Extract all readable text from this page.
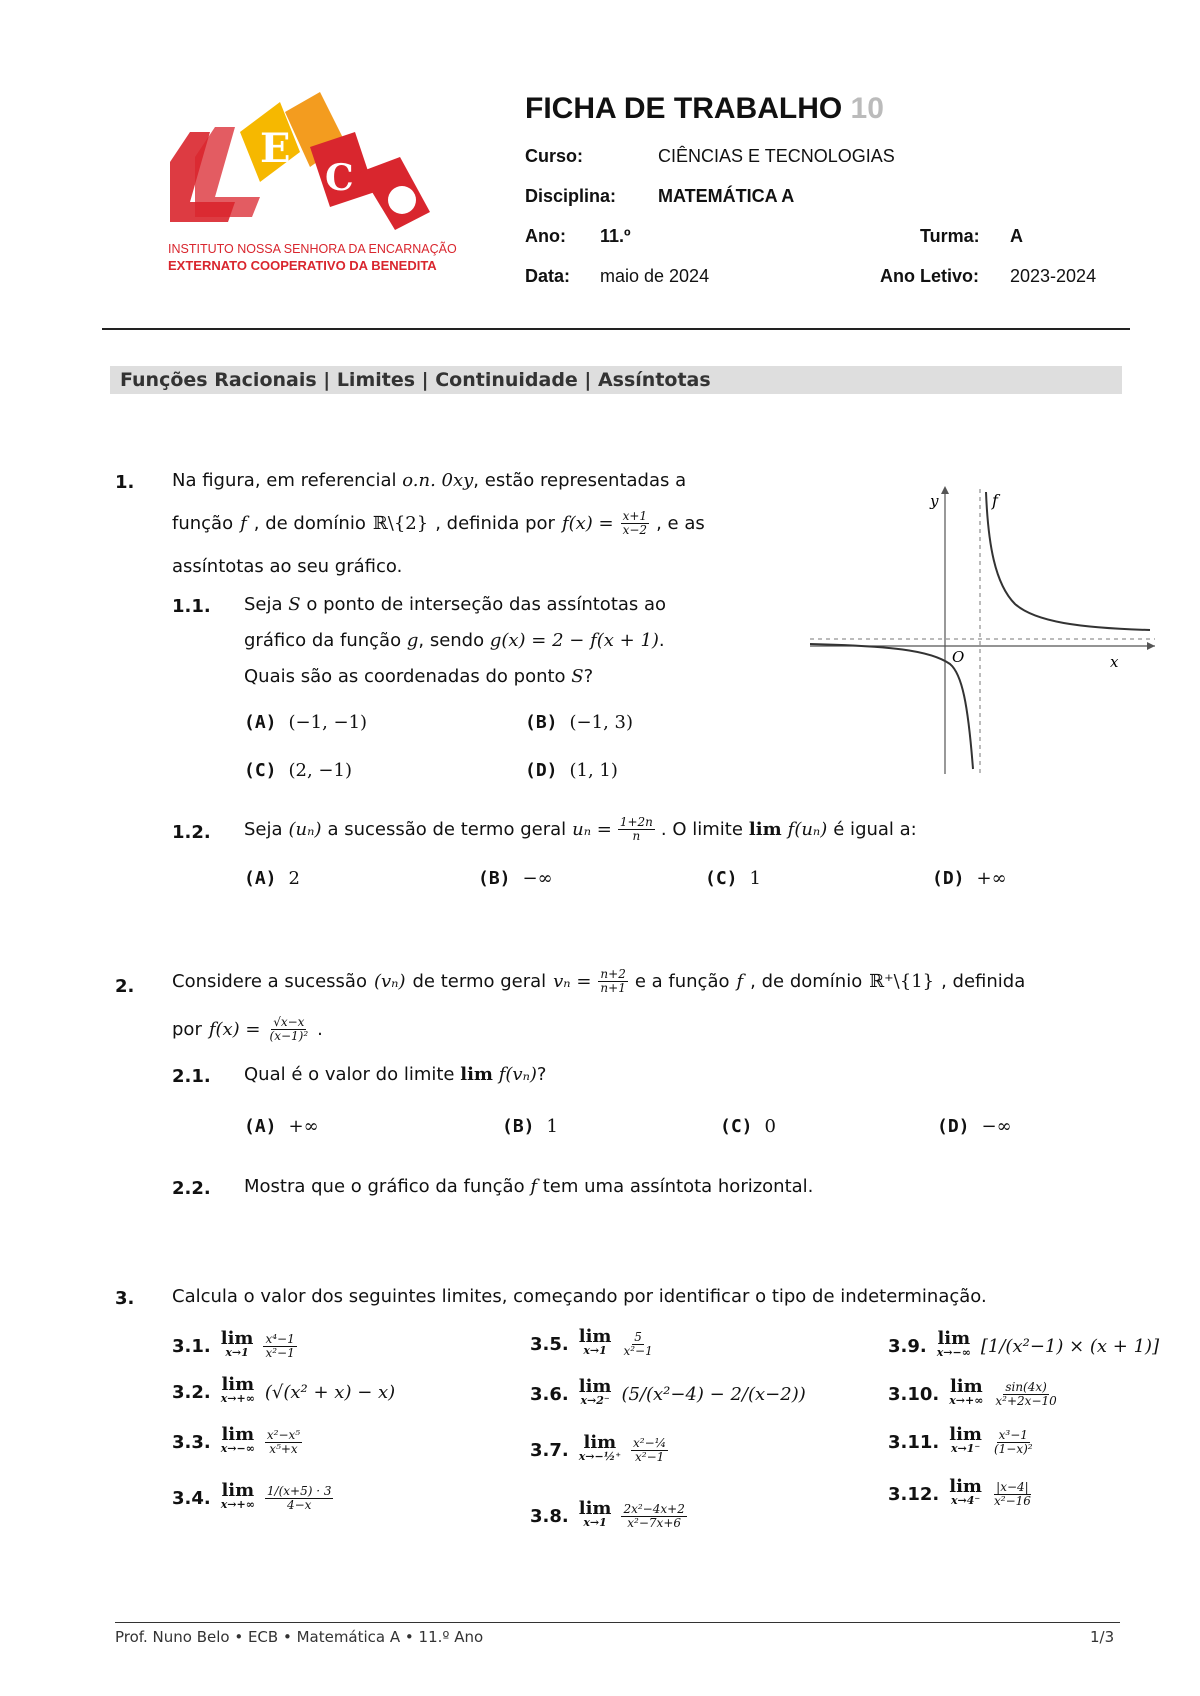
E
C
INSTITUTO NOSSA SENHORA DA ENCARNAÇÃO
EXTERNATO COOPERATIVO DA BENEDITA
FICHA DE TRABALHO 10
Curso:	CIÊNCIAS E TECNOLOGIAS
Disciplina: MATEMÁTICA A
Ano: 11.º	Turma: A
Data: maio de 2024	Ano Letivo: 2023-2024
Funções Racionais | Limites | Continuidade | Assíntotas
1. Na figura, em referencial o.n. 0xy, estão representadas a
função f , de domínio ℝ\{2} , definida por $f(x) = \frac{x+1}{x-2}$ , e as
assíntotas ao seu gráfico.
1.1. Seja S o ponto de interseção das assíntotas ao
gráfico da função g, sendo g(x) = 2 − f(x + 1).
Quais são as coordenadas do ponto S?
(A) (−1, −1)	(B) (−1, 3)
(C) (2, −1)	(D) (1, 1)
y	f
O	x
1.2. Seja (uₙ) a sucessão de termo geral $u_n = \frac{1+2n}{n}$ . O limite lim f(uₙ) é igual a:
(A) 2	(B) −∞	(C) 1	(D) +∞
2. Considere a sucessão (vₙ) de termo geral $v_n = \frac{n+2}{n+1}$ e a função f , de domínio ℝ⁺\{1} , definida
por $f(x) = \frac{√x-x}{\text{(x−1)²}}$ .
2.1. Qual é o valor do limite lim f(vₙ)?
(A) +∞	(B) 1	(C) 0	(D) −∞
2.2. Mostra que o gráfico da função f tem uma assíntota horizontal.
3. Calcula o valor dos seguintes limites, começando por identificar o tipo de indeterminação.
3.1. lim
$x\to 1 \frac{\text{x⁴−1}}{\text{x²−1}}$
3.2. lim
x→+∞ (√(x² + x) − x)
3.3. lim
$x\to-\infty \frac{\text{x²−x⁵}}{\text{x⁵+x}}$
3.4. lim
$x\to+\infty \frac{1/(x+5) \cdot 3}{4-x}$
3.5. lim
$x\to 1 \frac{5}{\text{x²−1}}$
3.6. lim
x→2⁻ (5/(x²−4) − 2/(x−2))
3.7. lim
x→−½⁺ $\frac{\text{x²−¼}}{\text{x²−1}}$
3.8. lim
$x\to 1 \frac{\text{2x²−4x+2}}{\text{x²−7x+6}}$
3.9. lim
x→−∞ [1/(x²−1) × (x + 1)]
3.10. lim
$x\to+\infty \frac{\sin(4x)}{\text{x²+2x−10}}$
3.11. lim
$x\to 1^- \frac{\text{x³−1}}{\text{(1−x)²}}$
3.12. lim
$x\to 4^- \frac{|x-4|}{\text{x²−16}}$
Prof. Nuno Belo • ECB • Matemática A • 11.º Ano	1/3
